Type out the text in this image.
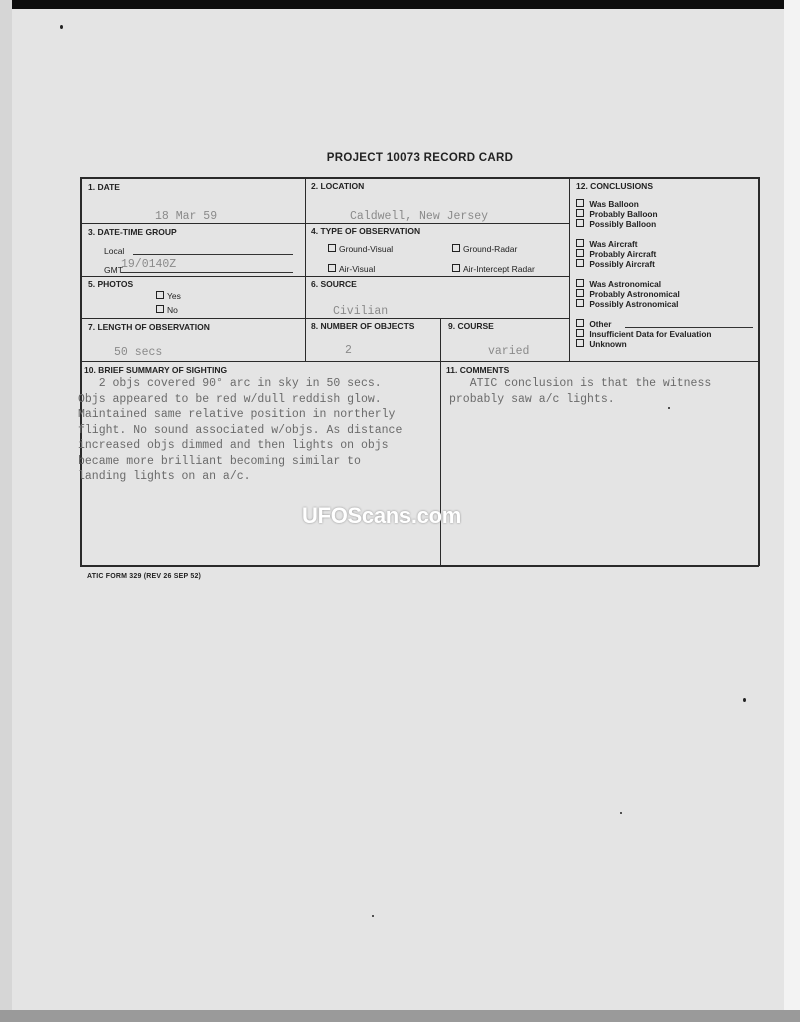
PROJECT 10073 RECORD CARD
1. DATE
18 Mar 59
2. LOCATION
Caldwell, New Jersey
3. DATE-TIME GROUP
Local
GMT
19/0140Z
4. TYPE OF OBSERVATION
Ground-Visual	Ground-Radar
Air-Visual	Air-Intercept Radar
5. PHOTOS
Yes
No
6. SOURCE
Civilian
7. LENGTH OF OBSERVATION
50 secs
8. NUMBER OF OBJECTS
2
9. COURSE
varied
12. CONCLUSIONS
Was Balloon
Probably Balloon
Possibly Balloon
Was Aircraft
Probably Aircraft
Possibly Aircraft
Was Astronomical
Probably Astronomical
Possibly Astronomical
Other
Insufficient Data for Evaluation
Unknown
10. BRIEF SUMMARY OF SIGHTING
2 objs covered 90° arc in sky in 50 secs.
Objs appeared to be red w/dull reddish glow.
Maintained same relative position in northerly
flight. No sound associated w/objs. As distance
increased objs dimmed and then lights on objs
became more brilliant becoming similar to
landing lights on an a/c.
11. COMMENTS
ATIC conclusion is that the witness
probably saw a/c lights.
UFOScans.com
ATIC FORM 329 (REV 26 SEP 52)
